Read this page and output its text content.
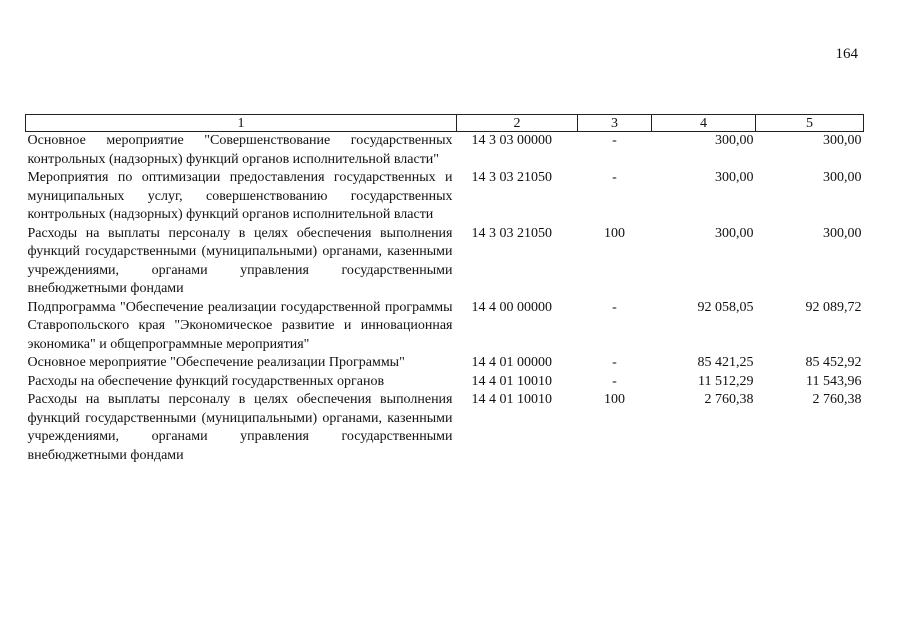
164
1	2	3	4	5
Основное мероприятие "Совершенствование государственных контрольных (надзорных) функций органов исполнительной власти"	14 3 03 00000	-	300,00	300,00
Мероприятия по оптимизации предоставления государственных и муниципальных услуг, совершенствованию государственных контрольных (надзорных) функций органов исполнительной власти	14 3 03 21050	-	300,00	300,00
Расходы на выплаты персоналу в целях обеспечения выполнения функций государственными (муниципальными) органами, казенными учреждениями, органами управления государственными внебюджетными фондами	14 3 03 21050	100	300,00	300,00
Подпрограмма "Обеспечение реализации государственной программы Ставропольского края "Экономическое развитие и инновационная экономика" и общепрограммные мероприятия"	14 4 00 00000	-	92 058,05	92 089,72
Основное мероприятие "Обеспечение реализации Программы"	14 4 01 00000	-	85 421,25	85 452,92
Расходы на обеспечение функций государственных органов	14 4 01 10010	-	11 512,29	11 543,96
Расходы на выплаты персоналу в целях обеспечения выполнения функций государственными (муниципальными) органами, казенными учреждениями, органами управления государственными внебюджетными фондами	14 4 01 10010	100	2 760,38	2 760,38
